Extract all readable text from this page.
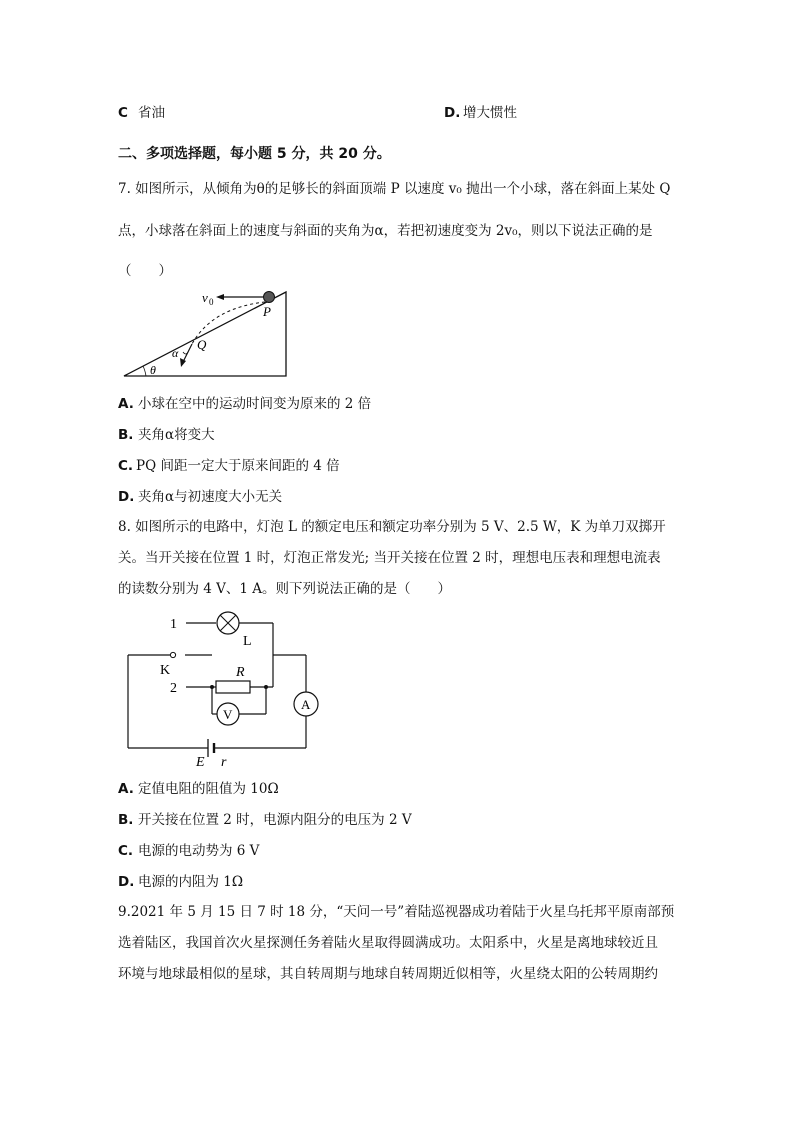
C 省油	D. 增大惯性
二、多项选择题，每小题 5 分，共 20 分。
7. 如图所示，从倾角为θ的足够长的斜面顶端 P 以速度 v₀ 抛出一个小球，落在斜面上某处 Q
点，小球落在斜面上的速度与斜面的夹角为α，若把初速度变为 2v₀，则以下说法正确的是
（　　）
v 0
P
Q
α
θ
A. 小球在空中的运动时间变为原来的 2 倍
B. 夹角α将变大
C. PQ 间距一定大于原来间距的 4 倍
D. 夹角α与初速度大小无关
8. 如图所示的电路中，灯泡 L 的额定电压和额定功率分别为 5 V、2.5 W，K 为单刀双掷开
关。当开关接在位置 1 时，灯泡正常发光; 当开关接在位置 2 时，理想电压表和理想电流表
的读数分别为 4 V、1 A。则下列说法正确的是（　　）
1
L
K
2
R
V
A
E r
A. 定值电阻的阻值为 10Ω
B. 开关接在位置 2 时，电源内阻分的电压为 2 V
C. 电源的电动势为 6 V
D. 电源的内阻为 1Ω
9.2021 年 5 月 15 日 7 时 18 分，“天问一号”着陆巡视器成功着陆于火星乌托邦平原南部预
选着陆区，我国首次火星探测任务着陆火星取得圆满成功。太阳系中，火星是离地球较近且
环境与地球最相似的星球，其自转周期与地球自转周期近似相等，火星绕太阳的公转周期约
